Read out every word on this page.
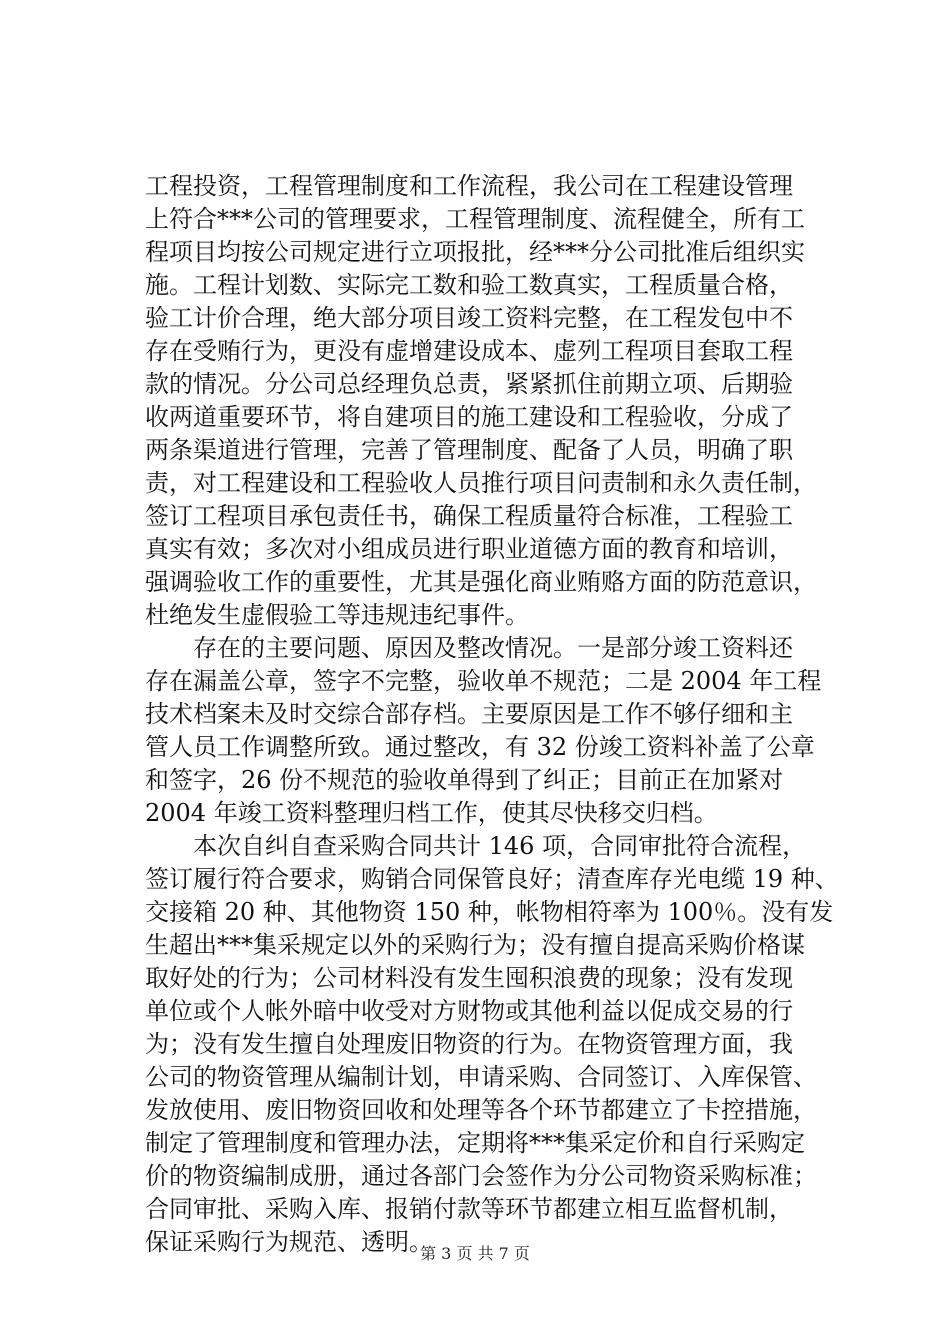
工程投资，工程管理制度和工作流程，我公司在工程建设管理
上符合***公司的管理要求，工程管理制度、流程健全，所有工
程项目均按公司规定进行立项报批，经***分公司批准后组织实
施。工程计划数、实际完工数和验工数真实，工程质量合格，
验工计价合理，绝大部分项目竣工资料完整，在工程发包中不
存在受贿行为，更没有虚增建设成本、虚列工程项目套取工程
款的情况。分公司总经理负总责，紧紧抓住前期立项、后期验
收两道重要环节，将自建项目的施工建设和工程验收，分成了
两条渠道进行管理，完善了管理制度、配备了人员，明确了职
责，对工程建设和工程验收人员推行项目问责制和永久责任制，
签订工程项目承包责任书，确保工程质量符合标准，工程验工
真实有效；多次对小组成员进行职业道德方面的教育和培训，
强调验收工作的重要性，尤其是强化商业贿赂方面的防范意识，
杜绝发生虚假验工等违规违纪事件。
　　存在的主要问题、原因及整改情况。一是部分竣工资料还
存在漏盖公章，签字不完整，验收单不规范；二是 2004 年工程
技术档案未及时交综合部存档。主要原因是工作不够仔细和主
管人员工作调整所致。通过整改，有 32 份竣工资料补盖了公章
和签字，26 份不规范的验收单得到了纠正；目前正在加紧对
2004 年竣工资料整理归档工作，使其尽快移交归档。
　　本次自纠自查采购合同共计 146 项，合同审批符合流程，
签订履行符合要求，购销合同保管良好；清查库存光电缆 19 种、
交接箱 20 种、其他物资 150 种，帐物相符率为 100％。没有发
生超出***集采规定以外的采购行为；没有擅自提高采购价格谋
取好处的行为；公司材料没有发生囤积浪费的现象；没有发现
单位或个人帐外暗中收受对方财物或其他利益以促成交易的行
为；没有发生擅自处理废旧物资的行为。在物资管理方面，我
公司的物资管理从编制计划，申请采购、合同签订、入库保管、
发放使用、废旧物资回收和处理等各个环节都建立了卡控措施，
制定了管理制度和管理办法，定期将***集采定价和自行采购定
价的物资编制成册，通过各部门会签作为分公司物资采购标准；
合同审批、采购入库、报销付款等环节都建立相互监督机制，
保证采购行为规范、透明。
第 3 页 共 7 页
